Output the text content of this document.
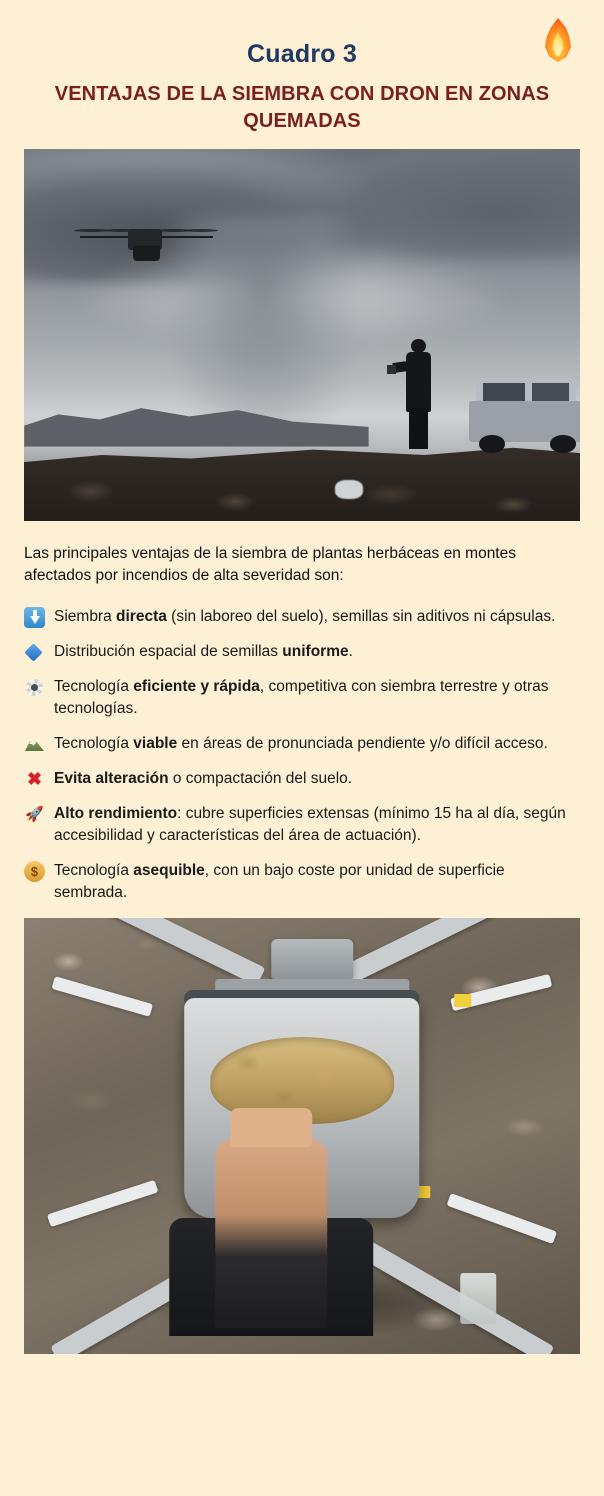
Cuadro 3
VENTAJAS DE LA SIEMBRA CON DRON EN ZONAS QUEMADAS

Las principales ventajas de la siembra de plantas herbáceas en montes afectados por incendios de alta severidad son:

Siembra directa (sin laboreo del suelo), semillas sin aditivos ni cápsulas.
Distribución espacial de semillas uniforme.
Tecnología eficiente y rápida, competitiva con siembra terrestre y otras tecnologías.
Tecnología viable en áreas de pronunciada pendiente y/o difícil acceso.
✖ Evita alteración o compactación del suelo.
🚀 Alto rendimiento: cubre superficies extensas (mínimo 15 ha al día, según accesibilidad y características del área de actuación).
$	Tecnología asequible, con un bajo coste por unidad de superficie sembrada.
